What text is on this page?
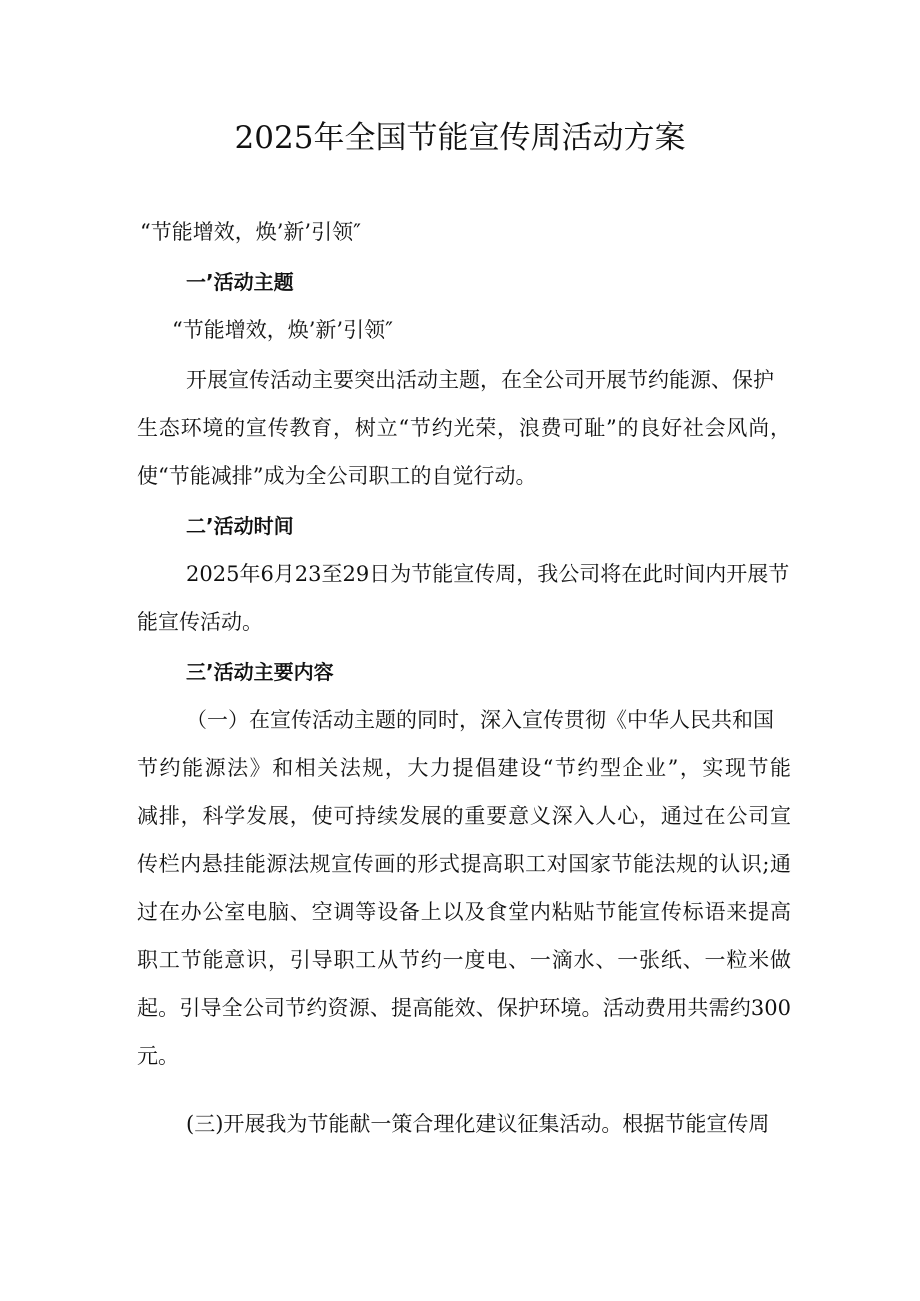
2025年全国节能宣传周活动方案
“节能增效，焕’新’引领″
一’活动主题
“节能增效，焕’新’引领″
开展宣传活动主要突出活动主题，在全公司开展节约能源、保护
生态环境的宣传教育，树立“节约光荣，浪费可耻”的良好社会风尚，
使“节能减排”成为全公司职工的自觉行动。
二’活动时间
2025年6月23至29日为节能宣传周，我公司将在此时间内开展节
能宣传活动。
三’活动主要内容
（一）在宣传活动主题的同时，深入宣传贯彻《中华人民共和国
节约能源法》和相关法规，大力提倡建设“节约型企业”，实现节能
减排，科学发展，使可持续发展的重要意义深入人心，通过在公司宣
传栏内悬挂能源法规宣传画的形式提高职工对国家节能法规的认识;通
过在办公室电脑、空调等设备上以及食堂内粘贴节能宣传标语来提高
职工节能意识，引导职工从节约一度电、一滴水、一张纸、一粒米做
起。引导全公司节约资源、提高能效、保护环境。活动费用共需约300
元。
(三)开展我为节能献一策合理化建议征集活动。根据节能宣传周
